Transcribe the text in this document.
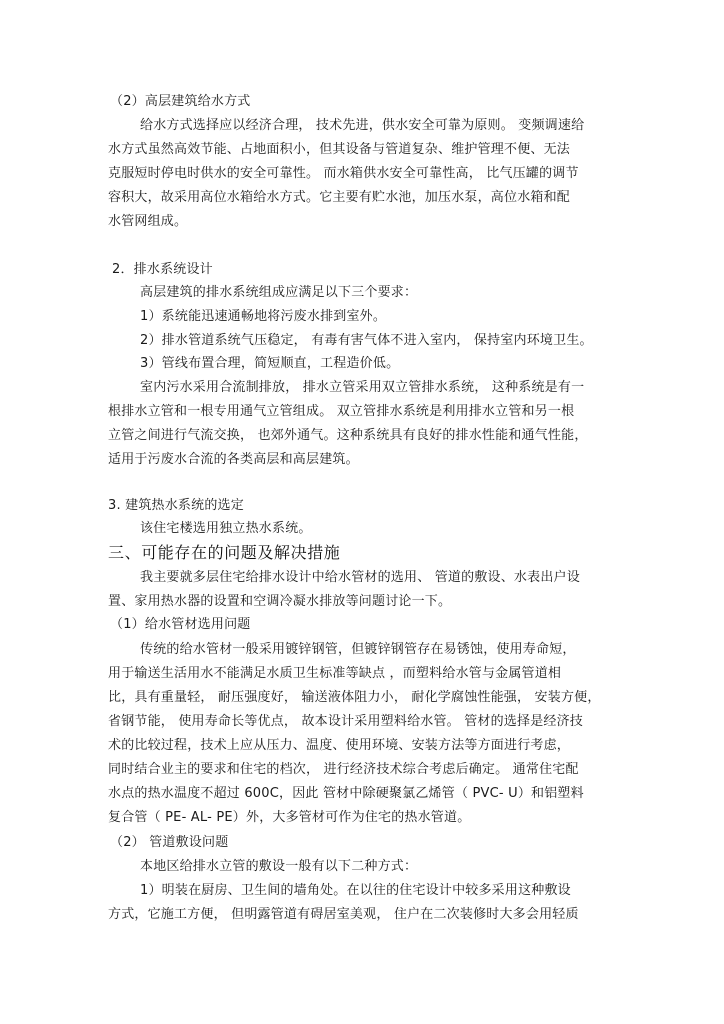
（2）高层建筑给水方式
给水方式选择应以经济合理， 技术先进，供水安全可靠为原则。 变频调速给
水方式虽然高效节能、占地面积小，但其设备与管道复杂、维护管理不便、无法
克服短时停电时供水的安全可靠性。 而水箱供水安全可靠性高， 比气压罐的调节
容积大，故采用高位水箱给水方式。它主要有贮水池，加压水泵，高位水箱和配
水管网组成。
2．排水系统设计
高层建筑的排水系统组成应满足以下三个要求：
1）系统能迅速通畅地将污废水排到室外。
2）排水管道系统气压稳定， 有毒有害气体不进入室内， 保持室内环境卫生。
3）管线布置合理，简短顺直，工程造价低。
室内污水采用合流制排放， 排水立管采用双立管排水系统， 这种系统是有一
根排水立管和一根专用通气立管组成。 双立管排水系统是利用排水立管和另一根
立管之间进行气流交换， 也郊外通气。这种系统具有良好的排水性能和通气性能，
适用于污废水合流的各类高层和高层建筑。
3. 建筑热水系统的选定
该住宅楼选用独立热水系统。
三、可能存在的问题及解决措施
我主要就多层住宅给排水设计中给水管材的选用、 管道的敷设、水表出户设
置、家用热水器的设置和空调冷凝水排放等问题讨论一下。
（1）给水管材选用问题
传统的给水管材一般采用镀锌钢管，但镀锌钢管存在易锈蚀，使用寿命短，
用于输送生活用水不能满足水质卫生标准等缺点 ，而塑料给水管与金属管道相
比，具有重量轻， 耐压强度好， 输送液体阻力小， 耐化学腐蚀性能强， 安装方便，
省钢节能， 使用寿命长等优点， 故本设计采用塑料给水管。 管材的选择是经济技
术的比较过程，技术上应从压力、温度、使用环境、安装方法等方面进行考虑，
同时结合业主的要求和住宅的档次， 进行经济技术综合考虑后确定。 通常住宅配
水点的热水温度不超过 600C，因此 管材中除硬聚氯乙烯管（ PVC- U）和铝塑料
复合管（ PE- AL- PE）外，大多管材可作为住宅的热水管道。
（2） 管道敷设问题
本地区给排水立管的敷设一般有以下二种方式：
1）明装在厨房、卫生间的墙角处。在以往的住宅设计中较多采用这种敷设
方式，它施工方便， 但明露管道有碍居室美观， 住户在二次装修时大多会用轻质
